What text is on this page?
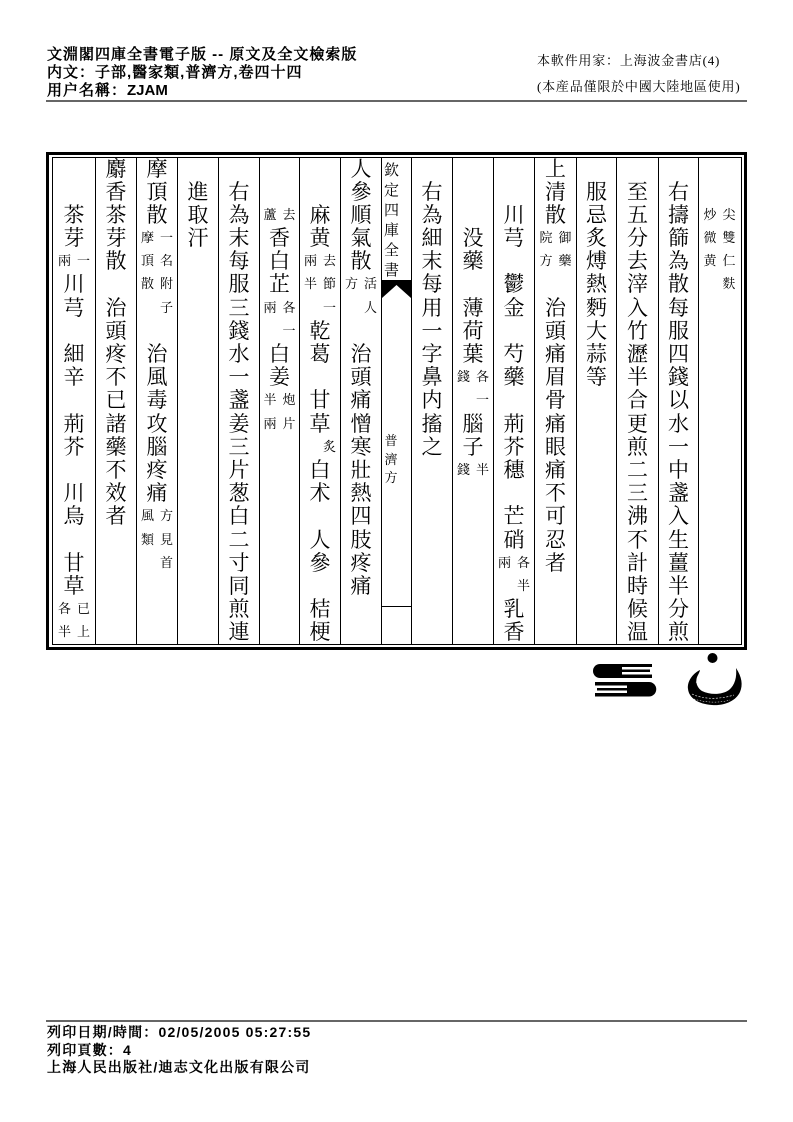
文淵閣四庫全書電子版 -- 原文及全文檢索版
内文：子部,醫家類,普濟方,卷四十四
用户名稱：ZJAM
本軟件用家：上海波金書店(4)
(本産品僅限於中國大陸地區使用)
欽
定
四
庫
全
書
普
濟
方
尖
雙
仁
麩
炒
微
黄
右
擣
篩
為
散
每
服
四
錢
以
水
一
中
盞
入
生
薑
半
分
煎
至
五
分
去
滓
入
竹
瀝
半
合
更
煎
二
三
沸
不
計
時
候
温
服
忌
炙
煿
熱
麪
大
蒜
等
上
清
散
御
藥
院
方

治
頭
痛
眉
骨
痛
眼
痛
不
可
忍
者
川
芎

鬱
金

芍
藥

荊
芥
穗

芒
硝
各
半
兩
乳
香
没
藥

薄
荷
葉
各
一
錢
腦
子
半
錢
右
為
細
末
每
用
一
字
鼻
内
搐
之
人
參
順
氣
散
活
人
方

治
頭
痛
憎
寒
壯
熱
四
肢
疼
痛
麻
黄
去
節
一
兩
半
乾
葛

甘
草
炙
白
术

人
參

桔
梗
去
蘆
香
白
芷
各
一
兩
白
姜
炮
片
半
兩
右
為
末
每
服
三
錢
水
一
盞
姜
三
片
葱
白
二
寸
同
煎
連
進
取
汗
摩
頂
散
一
名
附
子
摩
頂
散

治
風
毒
攻
腦
疼
痛
方
見
首
風
類
麝
香
茶
芽
散

治
頭
疼
不
已
諸
藥
不
效
者
茶
芽
一
兩
川
芎

細
辛

荊
芥

川
烏

甘
草
已
上
各
半
列印日期/時間：02/05/2005 05:27:55
列印頁數：4
上海人民出版社/迪志文化出版有限公司
